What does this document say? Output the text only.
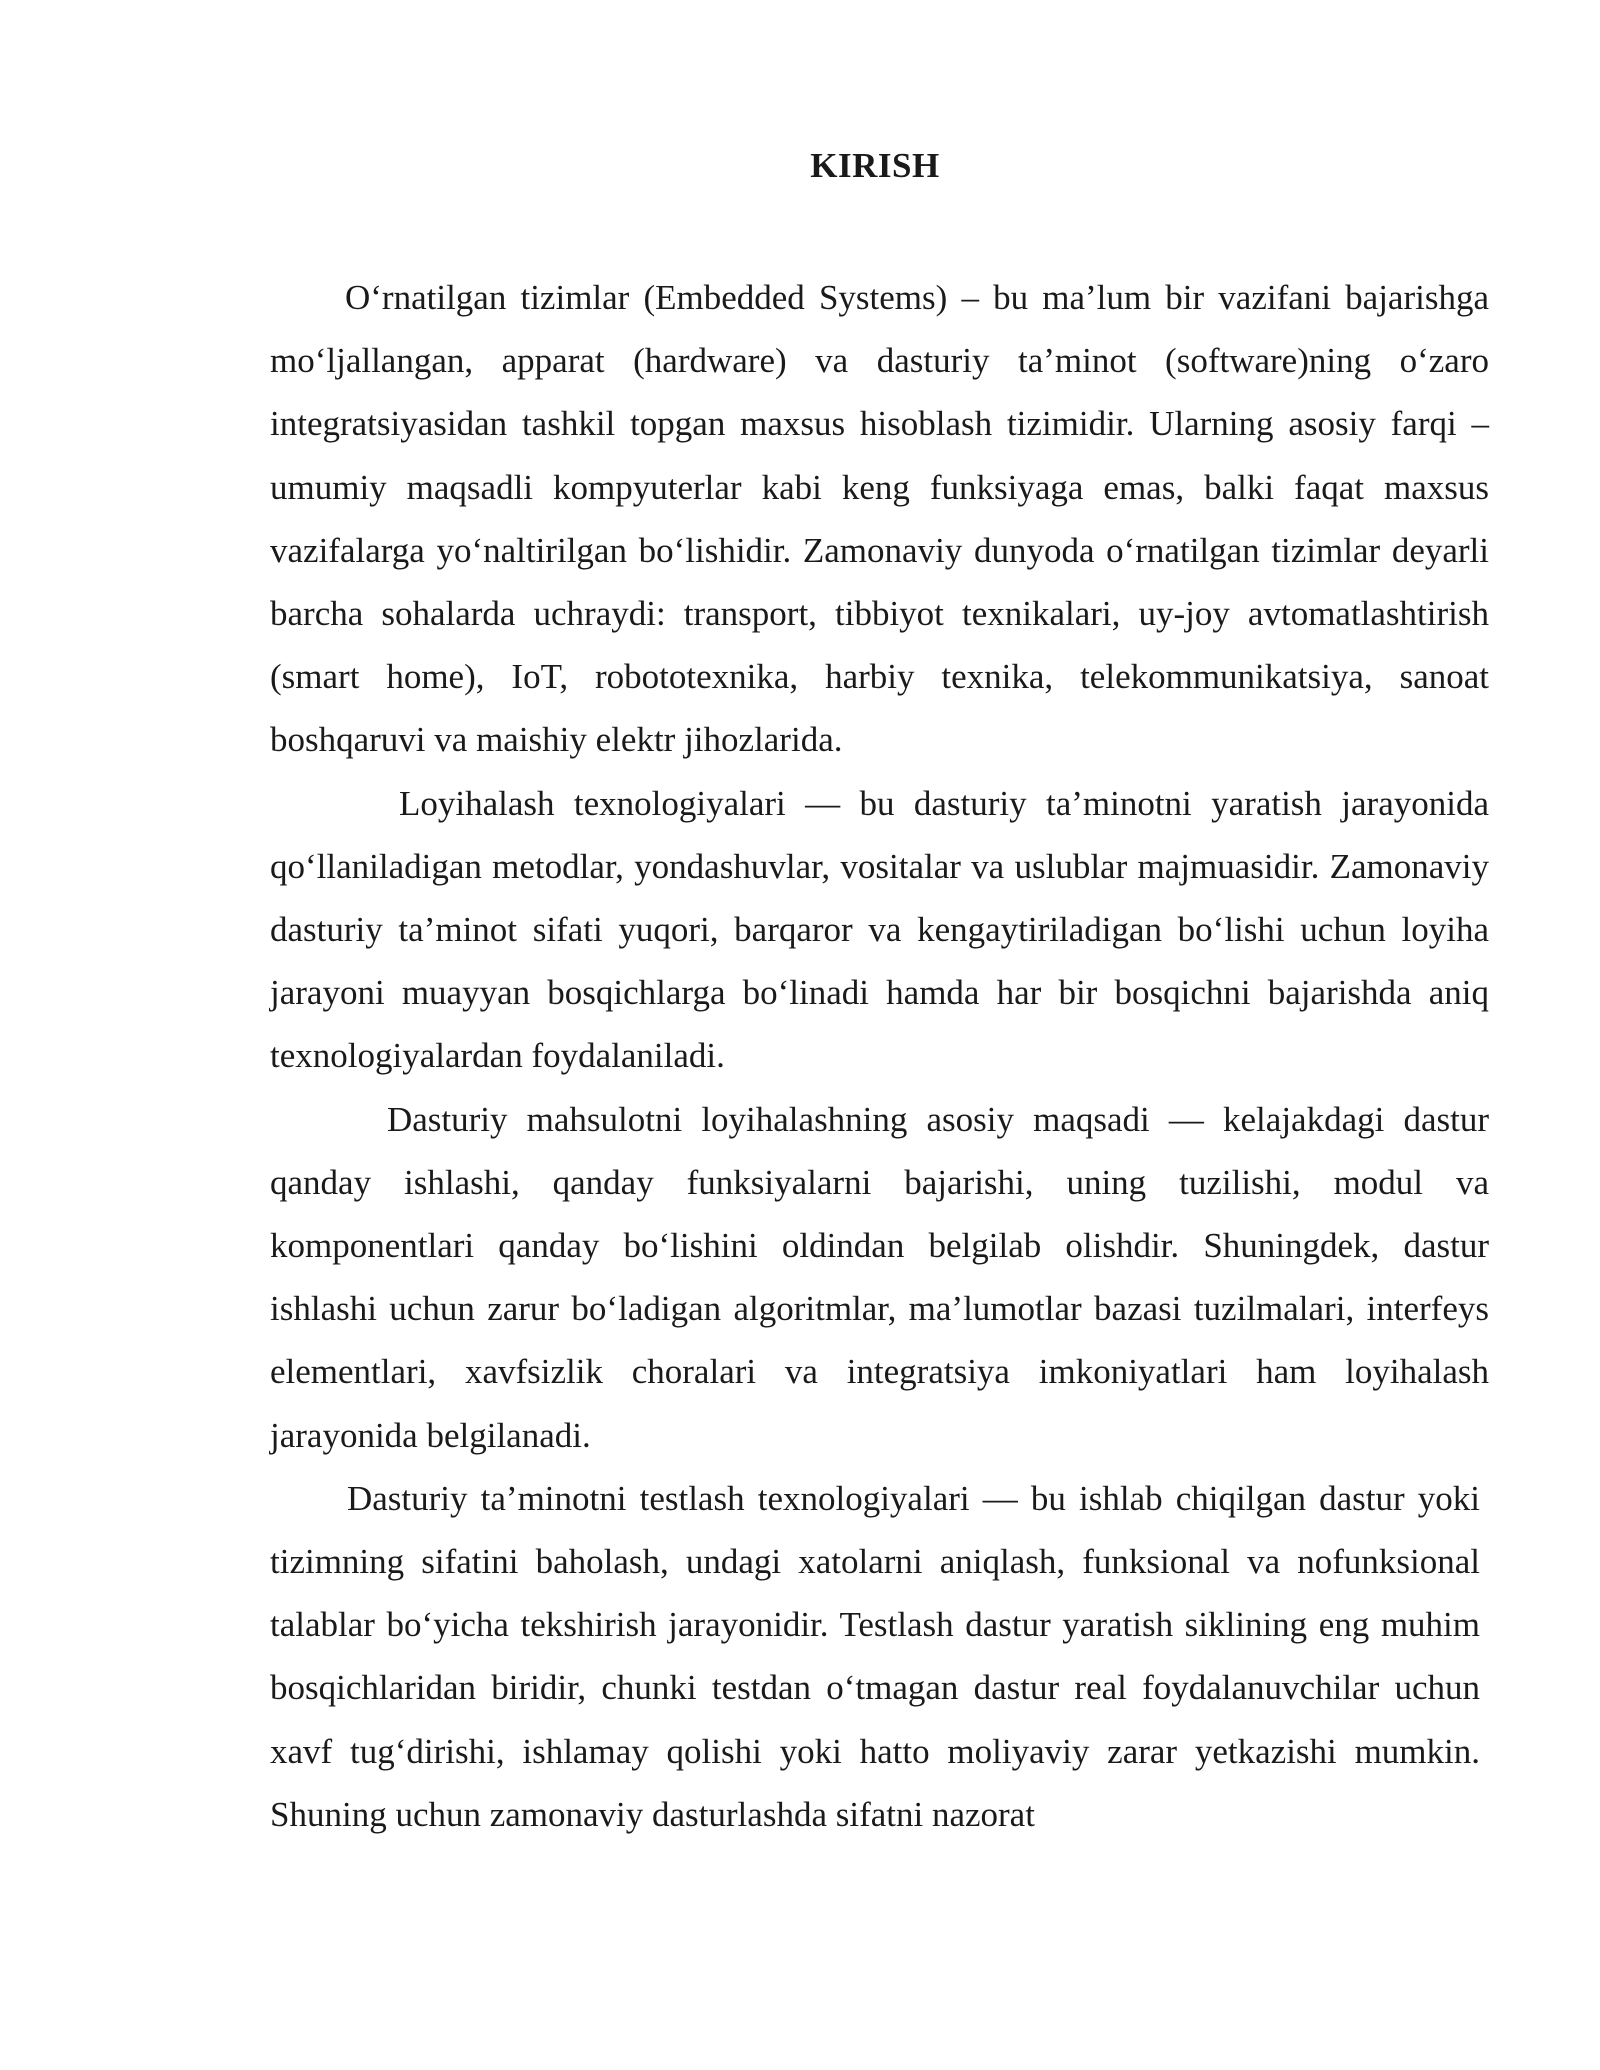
KIRISH

O‘rnatilgan tizimlar (Embedded Systems) – bu ma’lum bir vazifani bajarishga mo‘ljallangan, apparat (hardware) va dasturiy ta’minot (software)ning o‘zaro integratsiyasidan tashkil topgan maxsus hisoblash tizimidir. Ularning asosiy farqi – umumiy maqsadli kompyuterlar kabi keng funksiyaga emas, balki faqat maxsus vazifalarga yo‘naltirilgan bo‘lishidir. Zamonaviy dunyoda o‘rnatilgan tizimlar deyarli barcha sohalarda uchraydi: transport, tibbiyot texnikalari, uy-joy avtomatlashtirish (smart home), IoT, robototexnika, harbiy texnika, telekommunikatsiya, sanoat boshqaruvi va maishiy elektr jihozlarida.

Loyihalash texnologiyalari — bu dasturiy ta’minotni yaratish jarayonida qo‘llaniladigan metodlar, yondashuvlar, vositalar va uslublar majmuasidir. Zamonaviy dasturiy ta’minot sifati yuqori, barqaror va kengaytiriladigan bo‘lishi uchun loyiha jarayoni muayyan bosqichlarga bo‘linadi hamda har bir bosqichni bajarishda aniq texnologiyalardan foydalaniladi.

Dasturiy mahsulotni loyihalashning asosiy maqsadi — kelajakdagi dastur qanday ishlashi, qanday funksiyalarni bajarishi, uning tuzilishi, modul va komponentlari qanday bo‘lishini oldindan belgilab olishdir. Shuningdek, dastur ishlashi uchun zarur bo‘ladigan algoritmlar, ma’lumotlar bazasi tuzilmalari, interfeys elementlari, xavfsizlik choralari va integratsiya imkoniyatlari ham loyihalash jarayonida belgilanadi.

Dasturiy ta’minotni testlash texnologiyalari — bu ishlab chiqilgan dastur yoki tizimning sifatini baholash, undagi xatolarni aniqlash, funksional va nofunksional talablar bo‘yicha tekshirish jarayonidir. Testlash dastur yaratish siklining eng muhim bosqichlaridan biridir, chunki testdan o‘tmagan dastur real foydalanuvchilar uchun xavf tug‘dirishi, ishlamay qolishi yoki hatto moliyaviy zarar yetkazishi mumkin. Shuning uchun zamonaviy dasturlashda sifatni nazorat
